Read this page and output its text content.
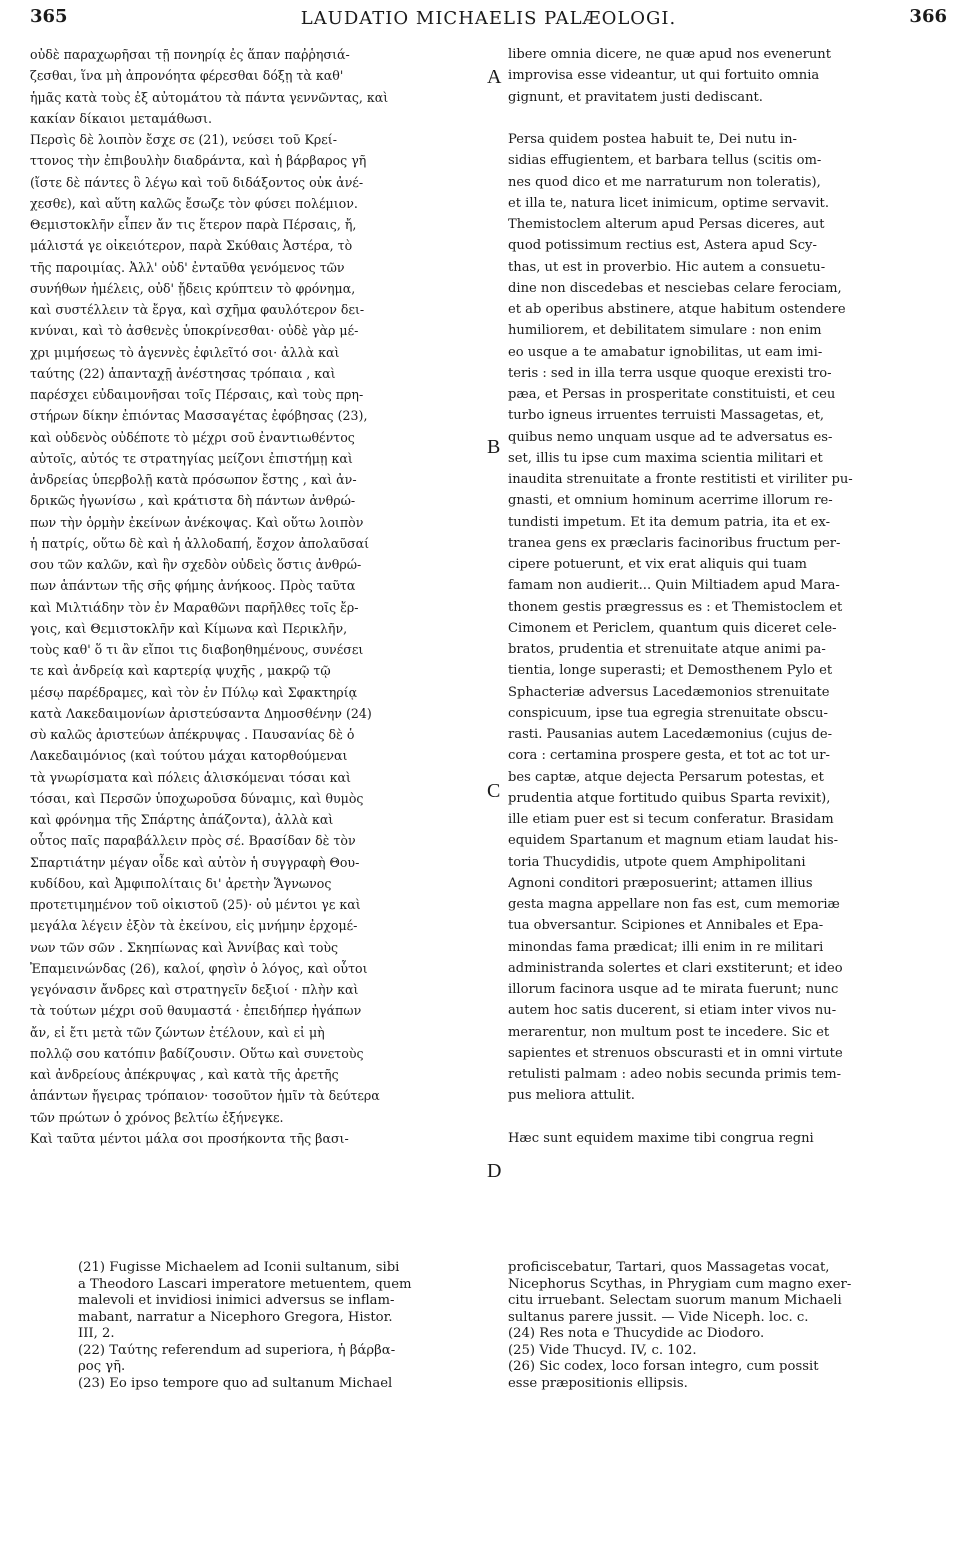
365	LAUDATIO MICHAELIS PALÆOLOGI.	366

οὐδὲ παραχωρῆσαι τῇ πονηρίᾳ ἐς ἅπαν παῤῥησιά-

ζεσθαι, ἵνα μὴ ἀπρονόητα φέρεσθαι δόξῃ τὰ καθ'

ἡμᾶς κατὰ τοὺς ἐξ αὐτομάτου τὰ πάντα γεννῶντας, καὶ

κακίαν δίκαιοι μεταμάθωσι.

Περσὶς δὲ λοιπὸν ἔσχε σε (21), νεύσει τοῦ Κρεί-

ττονος τὴν ἐπιβουλὴν διαδράντα, καὶ ἡ βάρβαρος γῆ

(ἴστε δὲ πάντες ὃ λέγω καὶ τοῦ διδάξοντος οὐκ ἀνέ-

χεσθε), καὶ αὕτη καλῶς ἔσωζε τὸν φύσει πολέμιον.

Θεμιστοκλῆν εἶπεν ἄν τις ἕτερον παρὰ Πέρσαις, ἤ,

μάλιστά γε οἰκειότερον, παρὰ Σκύθαις Ἀστέρα, τὸ

τῆς παροιμίας. Ἀλλ' οὐδ' ἐνταῦθα γενόμενος τῶν

συνήθων ἠμέλεις, οὐδ' ᾔδεις κρύπτειν τὸ φρόνημα,

καὶ συστέλλειν τὰ ἔργα, καὶ σχῆμα φαυλότερον δει-

κνύναι, καὶ τὸ ἀσθενὲς ὑποκρίνεσθαι· οὐδὲ γὰρ μέ-

χρι μιμήσεως τὸ ἀγεννὲς ἐφιλεῖτό σοι· ἀλλὰ καὶ

ταύτης (22) ἁπανταχῇ ἀνέστησας τρόπαια , καὶ

παρέσχει εὐδαιμονῆσαι τοῖς Πέρσαις, καὶ τοὺς πρη-

στήρων δίκην ἐπιόντας Μασσαγέτας ἐφόβησας (23),

καὶ οὐδενὸς οὐδέποτε τὸ μέχρι σοῦ ἐναντιωθέντος

αὐτοῖς, αὐτός τε στρατηγίας μείζονι ἐπιστήμῃ καὶ

ἀνδρείας ὑπερβολῇ κατὰ πρόσωπον ἔστης , καὶ ἀν-

δρικῶς ἠγωνίσω , καὶ κράτιστα δὴ πάντων ἀνθρώ-

πων τὴν ὁρμὴν ἐκείνων ἀνέκοψας. Καὶ οὕτω λοιπὸν

ἡ πατρίς, οὕτω δὲ καὶ ἡ ἀλλοδαπή, ἔσχον ἀπολαῦσαί

σου τῶν καλῶν, καὶ ἣν σχεδὸν οὐδεὶς ὅστις ἀνθρώ-

πων ἁπάντων τῆς σῆς φήμης ἀνήκοος. Πρὸς ταῦτα

καὶ Μιλτιάδην τὸν ἐν Μαραθῶνι παρῆλθες τοῖς ἔρ-

γοις, καὶ Θεμιστοκλῆν καὶ Κίμωνα καὶ Περικλῆν,

τοὺς καθ' ὅ τι ἂν εἴποι τις διαβοηθημένους, συνέσει

τε καὶ ἀνδρείᾳ καὶ καρτερίᾳ ψυχῆς , μακρῷ τῷ

μέσῳ παρέδραμες, καὶ τὸν ἐν Πύλῳ καὶ Σφακτηρίᾳ

κατὰ Λακεδαιμονίων ἀριστεύσαντα Δημοσθένην (24)

σὺ καλῶς ἀριστεύων ἀπέκρυψας . Παυσανίας δὲ ὁ

Λακεδαιμόνιος (καὶ τούτου μάχαι κατορθούμεναι

τὰ γνωρίσματα καὶ πόλεις ἁλισκόμεναι τόσαι καὶ

τόσαι, καὶ Περσῶν ὑποχωροῦσα δύναμις, καὶ θυμὸς

καὶ φρόνημα τῆς Σπάρτης ἀπάζοντα), ἀλλὰ καὶ

οὗτος παῖς παραβάλλειν πρὸς σέ. Βρασίδαν δὲ τὸν

Σπαρτιάτην μέγαν οἶδε καὶ αὐτὸν ἡ συγγραφὴ Θου-

κυδίδου, καὶ Ἀμφιπολίταις δι' ἀρετὴν Ἅγνωνος

προτετιμημένον τοῦ οἰκιστοῦ (25)· οὐ μέντοι γε καὶ

μεγάλα λέγειν ἐξὸν τὰ ἐκείνου, εἰς μνήμην ἐρχομέ-

νων τῶν σῶν . Σκηπίωνας καὶ Ἀννίβας καὶ τοὺς

Ἐπαμεινώνδας (26), καλοί, φησὶν ὁ λόγος, καὶ οὗτοι

γεγόνασιν ἄνδρες καὶ στρατηγεῖν δεξιοί · πλὴν καὶ

τὰ τούτων μέχρι σοῦ θαυμαστά · ἐπειδήπερ ἠγάπων

ἄν, εἰ ἔτι μετὰ τῶν ζώντων ἐτέλουν, καὶ εἰ μὴ

πολλῷ σου κατόπιν βαδίζουσιν. Οὕτω καὶ συνετοὺς

καὶ ἀνδρείους ἀπέκρυψας , καὶ κατὰ τῆς ἀρετῆς

ἁπάντων ἤγειρας τρόπαιον· τοσοῦτον ἡμῖν τὰ δεύτερα

τῶν πρώτων ὁ χρόνος βελτίω ἐξήνεγκε.

Καὶ ταῦτα μέντοι μάλα σοι προσήκοντα τῆς βασι-

libere omnia dicere, ne quæ apud nos evenerunt

improvisa esse videantur, ut qui fortuito omnia

gignunt, et pravitatem justi dediscant.

Persa quidem postea habuit te, Dei nutu in-

sidias effugientem, et barbara tellus (scitis om-

nes quod dico et me narraturum non toleratis),

et illa te, natura licet inimicum, optime servavit.

Themistoclem alterum apud Persas diceres, aut

quod potissimum rectius est, Astera apud Scy-

thas, ut est in proverbio. Hic autem a consuetu-

dine non discedebas et nesciebas celare ferociam,

et ab operibus abstinere, atque habitum ostendere

humiliorem, et debilitatem simulare : non enim

eo usque a te amabatur ignobilitas, ut eam imi-

teris : sed in illa terra usque quoque erexisti tro-

pæa, et Persas in prosperitate constituisti, et ceu

turbo igneus irruentes terruisti Massagetas, et,

quibus nemo unquam usque ad te adversatus es-

set, illis tu ipse cum maxima scientia militari et

inaudita strenuitate a fronte restitisti et viriliter pu-

gnasti, et omnium hominum acerrime illorum re-

tundisti impetum. Et ita demum patria, ita et ex-

tranea gens ex præclaris facinoribus fructum per-

cipere potuerunt, et vix erat aliquis qui tuam

famam non audierit... Quin Miltiadem apud Mara-

thonem gestis prægressus es : et Themistoclem et

Cimonem et Periclem, quantum quis diceret cele-

bratos, prudentia et strenuitate atque animi pa-

tientia, longe superasti; et Demosthenem Pylo et

Sphacteriæ adversus Lacedæmonios strenuitate

conspicuum, ipse tua egregia strenuitate obscu-

rasti. Pausanias autem Lacedæmonius (cujus de-

cora : certamina prospere gesta, et tot ac tot ur-

bes captæ, atque dejecta Persarum potestas, et

prudentia atque fortitudo quibus Sparta revixit),

ille etiam puer est si tecum conferatur. Brasidam

equidem Spartanum et magnum etiam laudat his-

toria Thucydidis, utpote quem Amphipolitani

Agnoni conditori præposuerint; attamen illius

gesta magna appellare non fas est, cum memoriæ

tua obversantur. Scipiones et Annibales et Epa-

minondas fama prædicat; illi enim in re militari

administranda solertes et clari exstiterunt; et ideo

illorum facinora usque ad te mirata fuerunt; nunc

autem hoc satis ducerent, si etiam inter vivos nu-

merarentur, non multum post te incedere. Sic et

sapientes et strenuos obscurasti et in omni virtute

retulisti palmam : adeo nobis secunda primis tem-

pus meliora attulit.

Hæc sunt equidem maxime tibi congrua regni

A
B
C
D

(21) Fugisse Michaelem ad Iconii sultanum, sibi

a Theodoro Lascari imperatore metuentem, quem

malevoli et invidiosi inimici adversus se inflam-

mabant, narratur a Nicephoro Gregora, Histor.

III, 2.

(22) Ταύτης referendum ad superiora, ἡ βάρβα-

ρος γῆ.

(23) Eo ipso tempore quo ad sultanum Michael

proficiscebatur, Tartari, quos Massagetas vocat,

Nicephorus Scythas, in Phrygiam cum magno exer-

citu irruebant. Selectam suorum manum Michaeli

sultanus parere jussit. — Vide Niceph. loc. c.

(24) Res nota e Thucydide ac Diodoro.

(25) Vide Thucyd. IV, c. 102.

(26) Sic codex, loco forsan integro, cum possit

esse præpositionis ellipsis.
